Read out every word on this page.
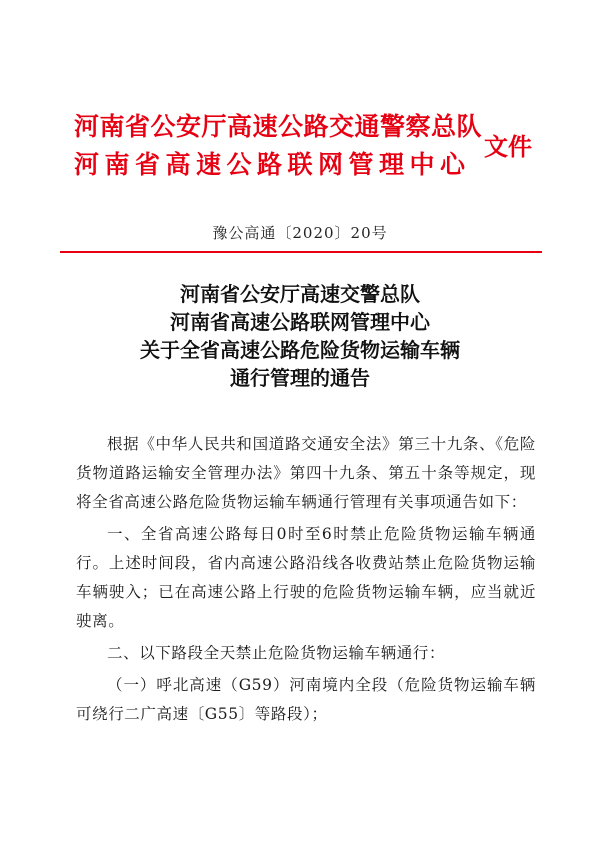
河南省公安厅高速公路交通警察总队
河南省高速公路联网管理中心
文件
豫公高通〔2020〕20号
河南省公安厅高速交警总队
河南省高速公路联网管理中心
关于全省高速公路危险货物运输车辆
通行管理的通告

根据《中华人民共和国道路交通安全法》第三十九条、《危险货物道路运输安全管理办法》第四十九条、第五十条等规定，现将全省高速公路危险货物运输车辆通行管理有关事项通告如下：

一、全省高速公路每日0时至6时禁止危险货物运输车辆通行。上述时间段，省内高速公路沿线各收费站禁止危险货物运输车辆驶入；已在高速公路上行驶的危险货物运输车辆，应当就近驶离。

二、以下路段全天禁止危险货物运输车辆通行：

（一）呼北高速（G59）河南境内全段（危险货物运输车辆可绕行二广高速〔G55〕等路段）；
